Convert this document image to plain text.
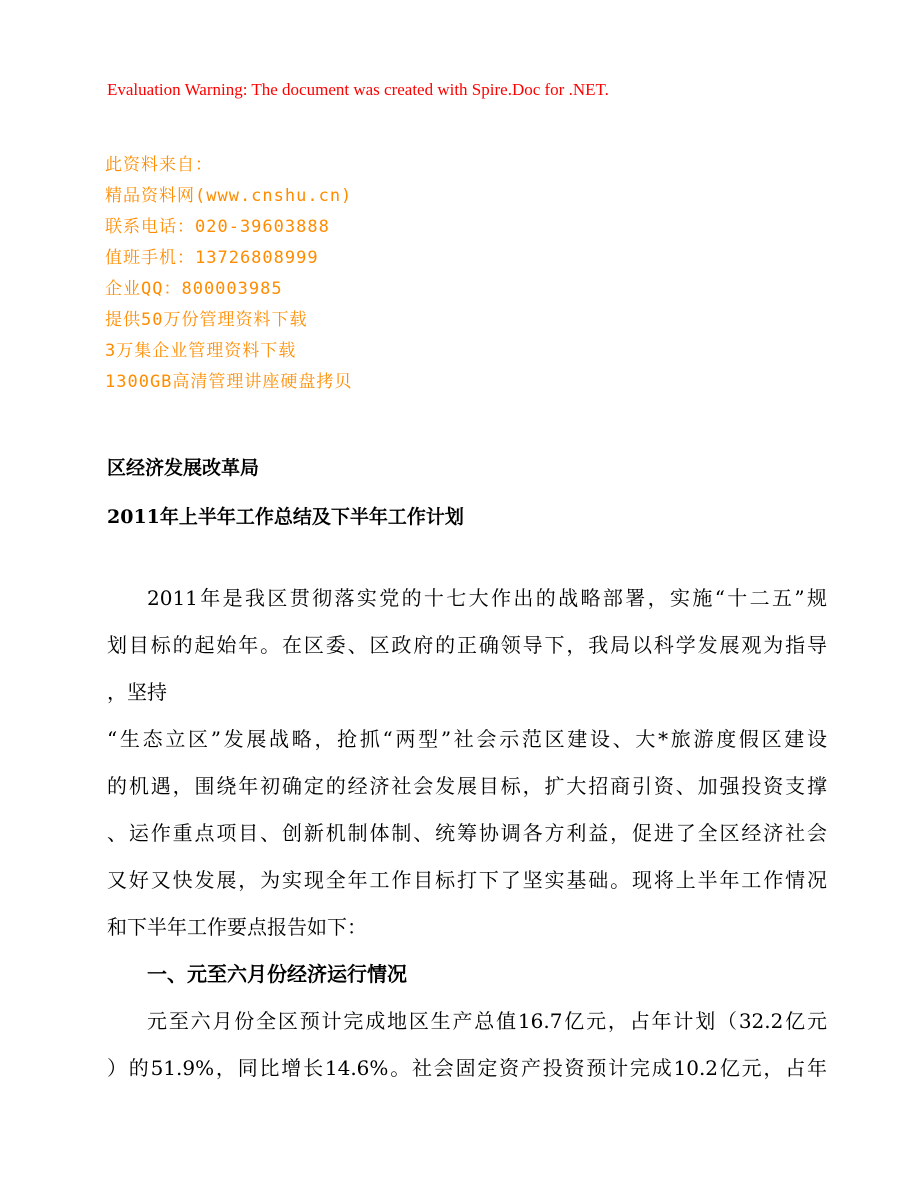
Evaluation Warning: The document was created with Spire.Doc for .NET.
此资料来自：
精品资料网(www.cnshu.cn)
联系电话：020-39603888
值班手机：13726808999
企业QQ：800003985
提供50万份管理资料下载
3万集企业管理资料下载
1300GB高清管理讲座硬盘拷贝
区经济发展改革局
2011年上半年工作总结及下半年工作计划
2011年是我区贯彻落实党的十七大作出的战略部署，实施“十二五”规
划目标的起始年。在区委、区政府的正确领导下，我局以科学发展观为指导
，坚持
“生态立区”发展战略，抢抓“两型”社会示范区建设、大*旅游度假区建设
的机遇，围绕年初确定的经济社会发展目标，扩大招商引资、加强投资支撑
、运作重点项目、创新机制体制、统筹协调各方利益，促进了全区经济社会
又好又快发展，为实现全年工作目标打下了坚实基础。现将上半年工作情况
和下半年工作要点报告如下：
一、元至六月份经济运行情况
元至六月份全区预计完成地区生产总值16.7亿元，占年计划（32.2亿元
）的51.9%，同比增长14.6%。社会固定资产投资预计完成10.2亿元，占年
